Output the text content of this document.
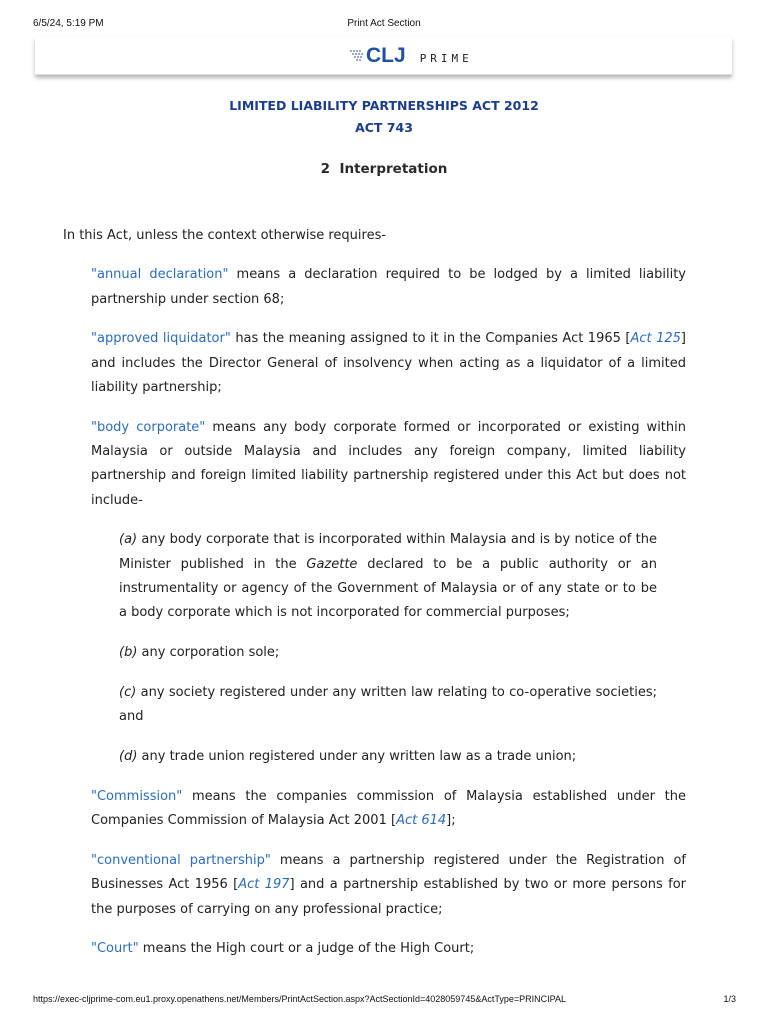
6/5/24, 5:19 PM	Print Act Section
CLJ PRIME
LIMITED LIABILITY PARTNERSHIPS ACT 2012
ACT 743
2 Interpretation

In this Act, unless the context otherwise requires-

"annual declaration" means a declaration required to be lodged by a limited liability partnership under section 68;

"approved liquidator" has the meaning assigned to it in the Companies Act 1965 [Act 125] and includes the Director General of insolvency when acting as a liquidator of a limited liability partnership;

"body corporate" means any body corporate formed or incorporated or existing within Malaysia or outside Malaysia and includes any foreign company, limited liability partnership and foreign limited liability partnership registered under this Act but does not include-

(a) any body corporate that is incorporated within Malaysia and is by notice of the Minister published in the Gazette declared to be a public authority or an instrumentality or agency of the Government of Malaysia or of any state or to be a body corporate which is not incorporated for commercial purposes;

(b) any corporation sole;

(c) any society registered under any written law relating to co-operative societies; and

(d) any trade union registered under any written law as a trade union;

"Commission" means the companies commission of Malaysia established under the Companies Commission of Malaysia Act 2001 [Act 614];

"conventional partnership" means a partnership registered under the Registration of Businesses Act 1956 [Act 197] and a partnership established by two or more persons for the purposes of carrying on any professional practice;

"Court" means the High court or a judge of the High Court;

https://exec-cljprime-com.eu1.proxy.openathens.net/Members/PrintActSection.aspx?ActSectionId=4028059745&ActType=PRINCIPAL	1/3
